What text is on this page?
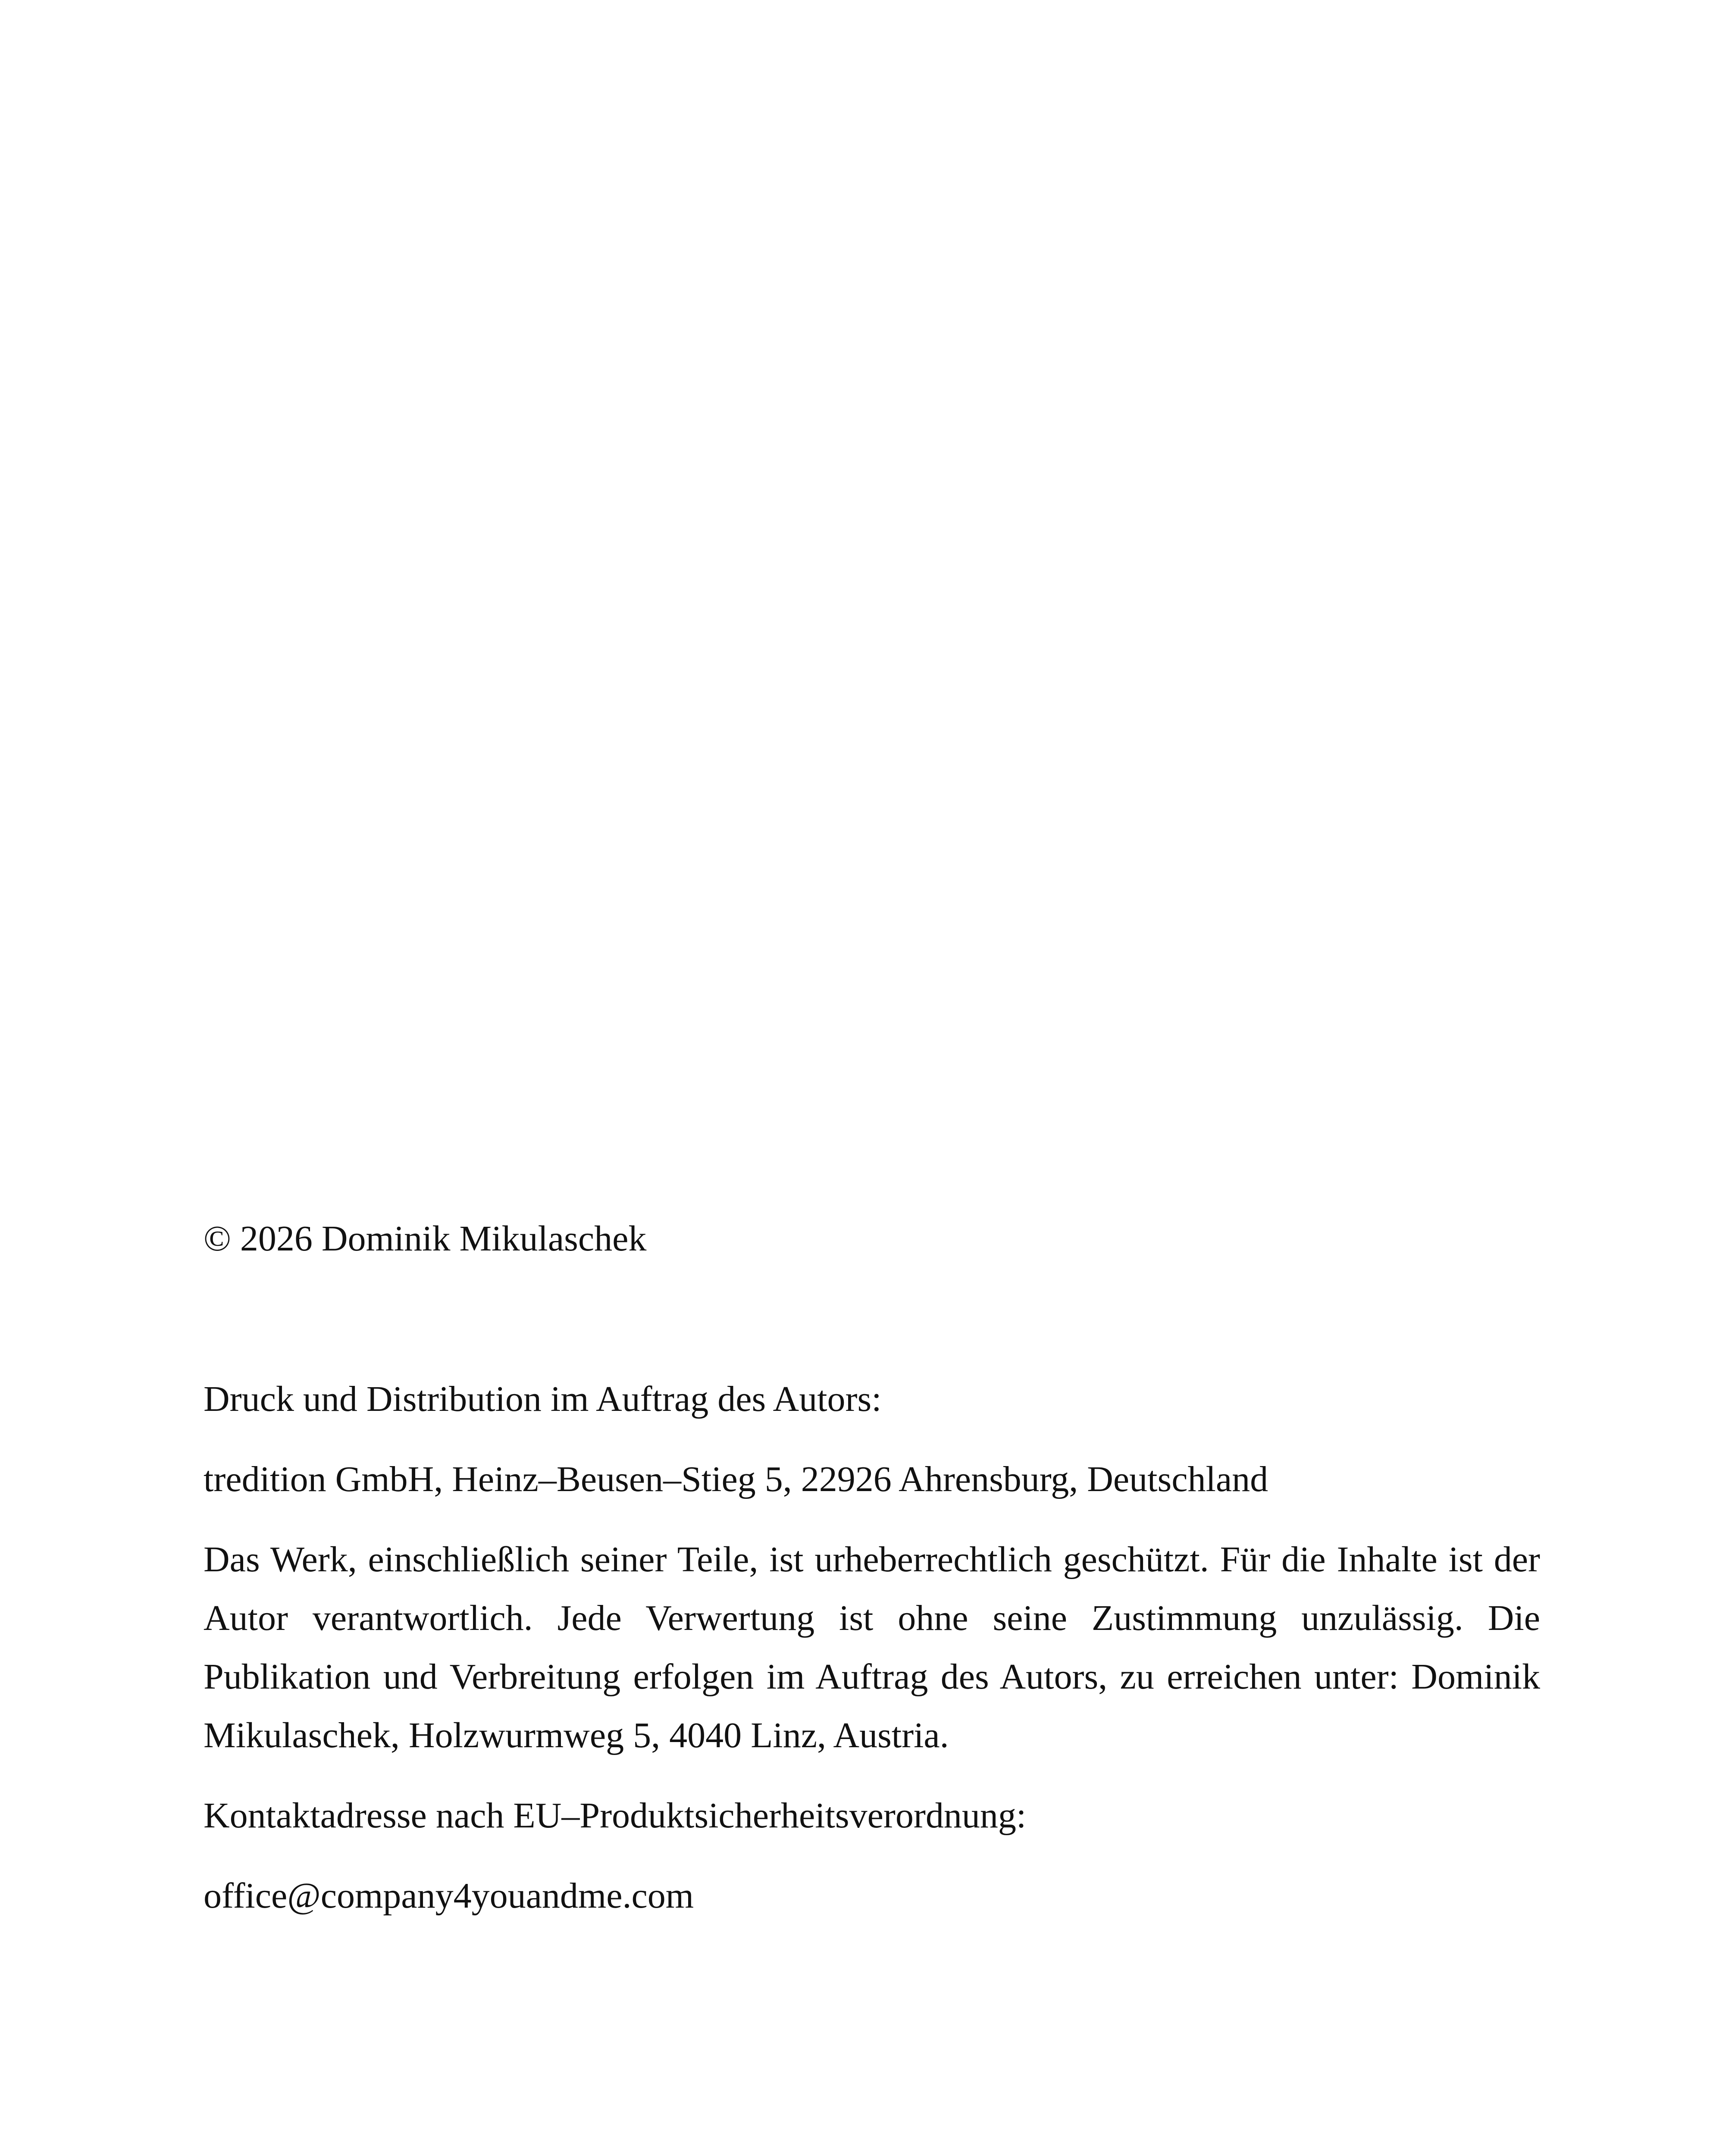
© 2026 Dominik Mikulaschek

Druck und Distribution im Auftrag des Autors:

tredition GmbH, Heinz–Beusen–Stieg 5, 22926 Ahrensburg, Deutschland

Das Werk, einschließlich seiner Teile, ist urheberrechtlich geschützt. Für die Inhalte ist der Autor verantwortlich. Jede Verwertung ist ohne seine Zustimmung unzulässig. Die Publikation und Verbreitung erfolgen im Auftrag des Autors, zu erreichen unter: Dominik Mikulaschek, Holzwurmweg 5, 4040 Linz, Austria.

Kontaktadresse nach EU–Produktsicherheitsverordnung:

office@company4youandme.com
